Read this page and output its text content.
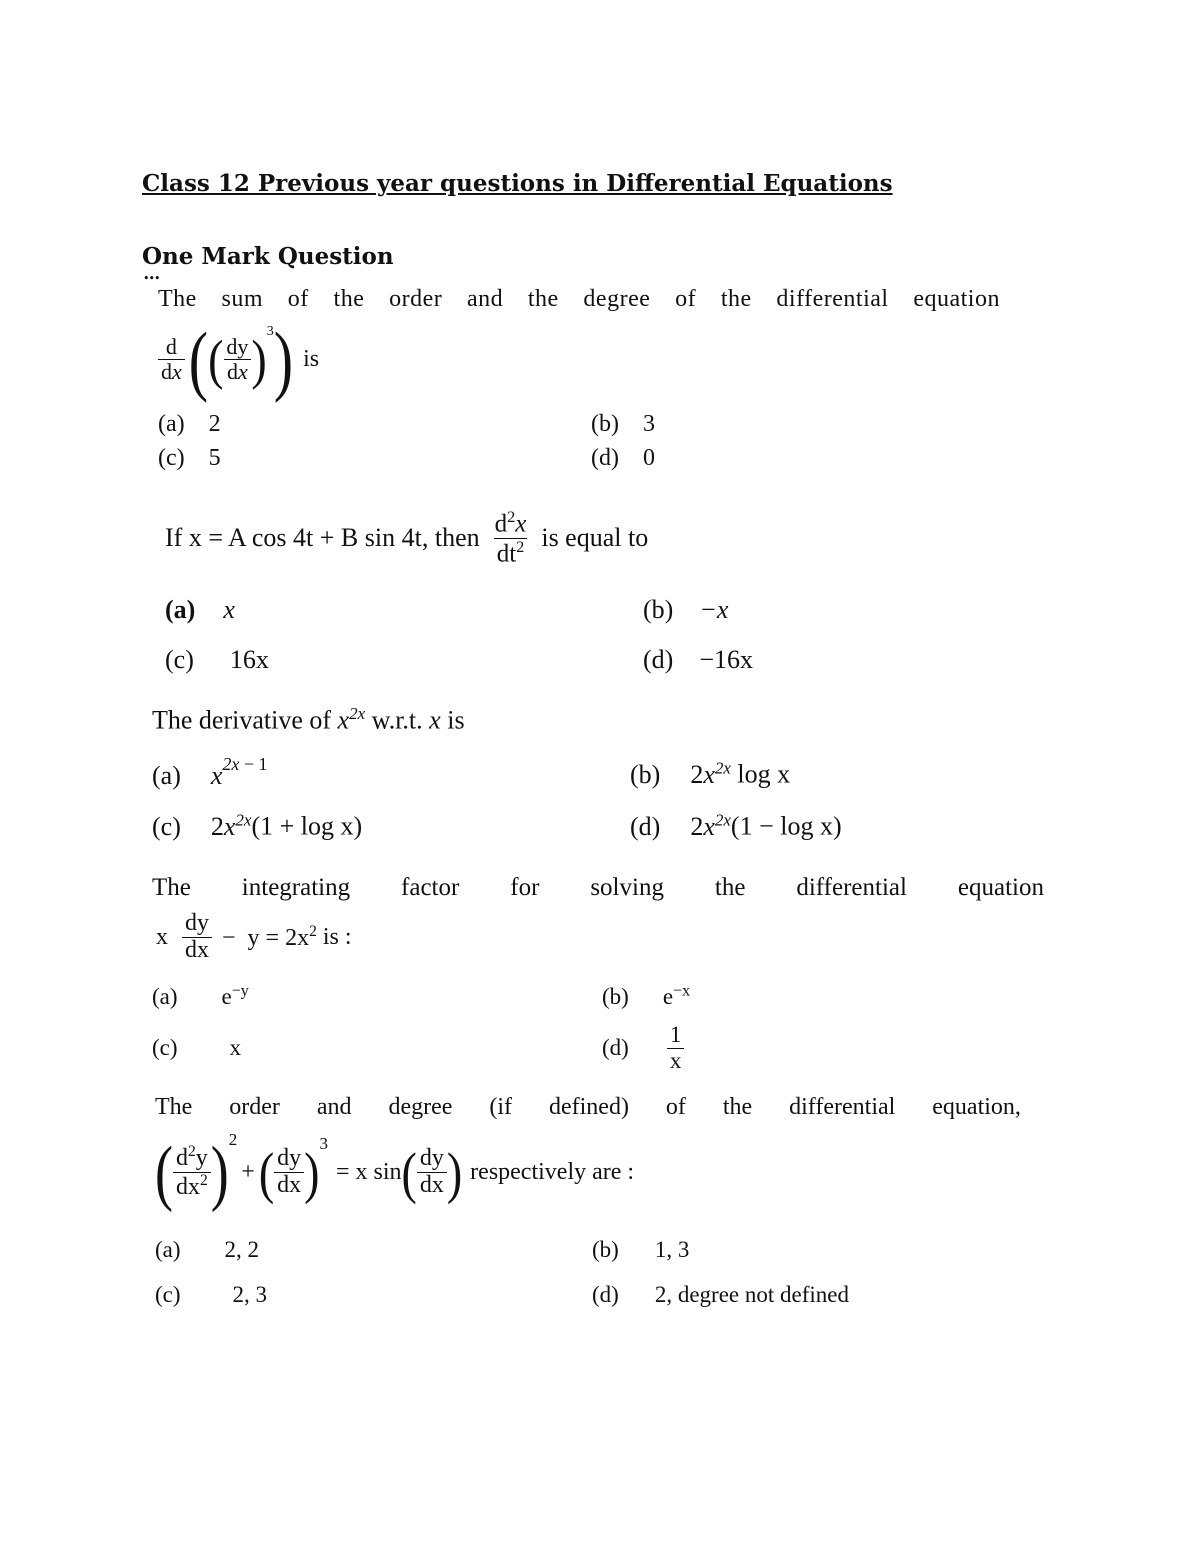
Class 12 Previous year questions in Differential Equations
One Mark Question
•••
The sum of the order and the degree of the differential equation
$\frac{d}{dx}$ ( ( $\frac{dy}{dx}$ ) 3 ) is
(a) 2	(b) 3
(c) 5	(d) 0
If x = A cos 4t + B sin 4t, then $\frac{d^2x}{dt^2}$ is equal to
(a) x	(b) −x
(c) 16x	(d) −16x
The derivative of $x^{2x}$ w.r.t. x is
(a) $x^{2x - 1}$	(b) $2x^{2x}$ log x
(c) $2x^{2x}(1 + \log x)$	(d) $2x^{2x}(1 - \log x)$
The integrating factor for solving the differential equation
x $\frac{dy}{dx} - y = 2x^2$ is :
(a) $e^{-y}$	(b) $e^{-x}$
(c) x	$(d) \frac{1}{x}$
The order and degree (if defined) of the differential equation,
( $\frac{d^2y}{dx^2}$ ) 2
+ ( $\frac{dy}{dx}$ ) 3
= x sin ( $\frac{dy}{dx}$ ) respectively are :
(a) 2, 2	(b) 1, 3
(c) 2, 3	(d) 2, degree not defined
